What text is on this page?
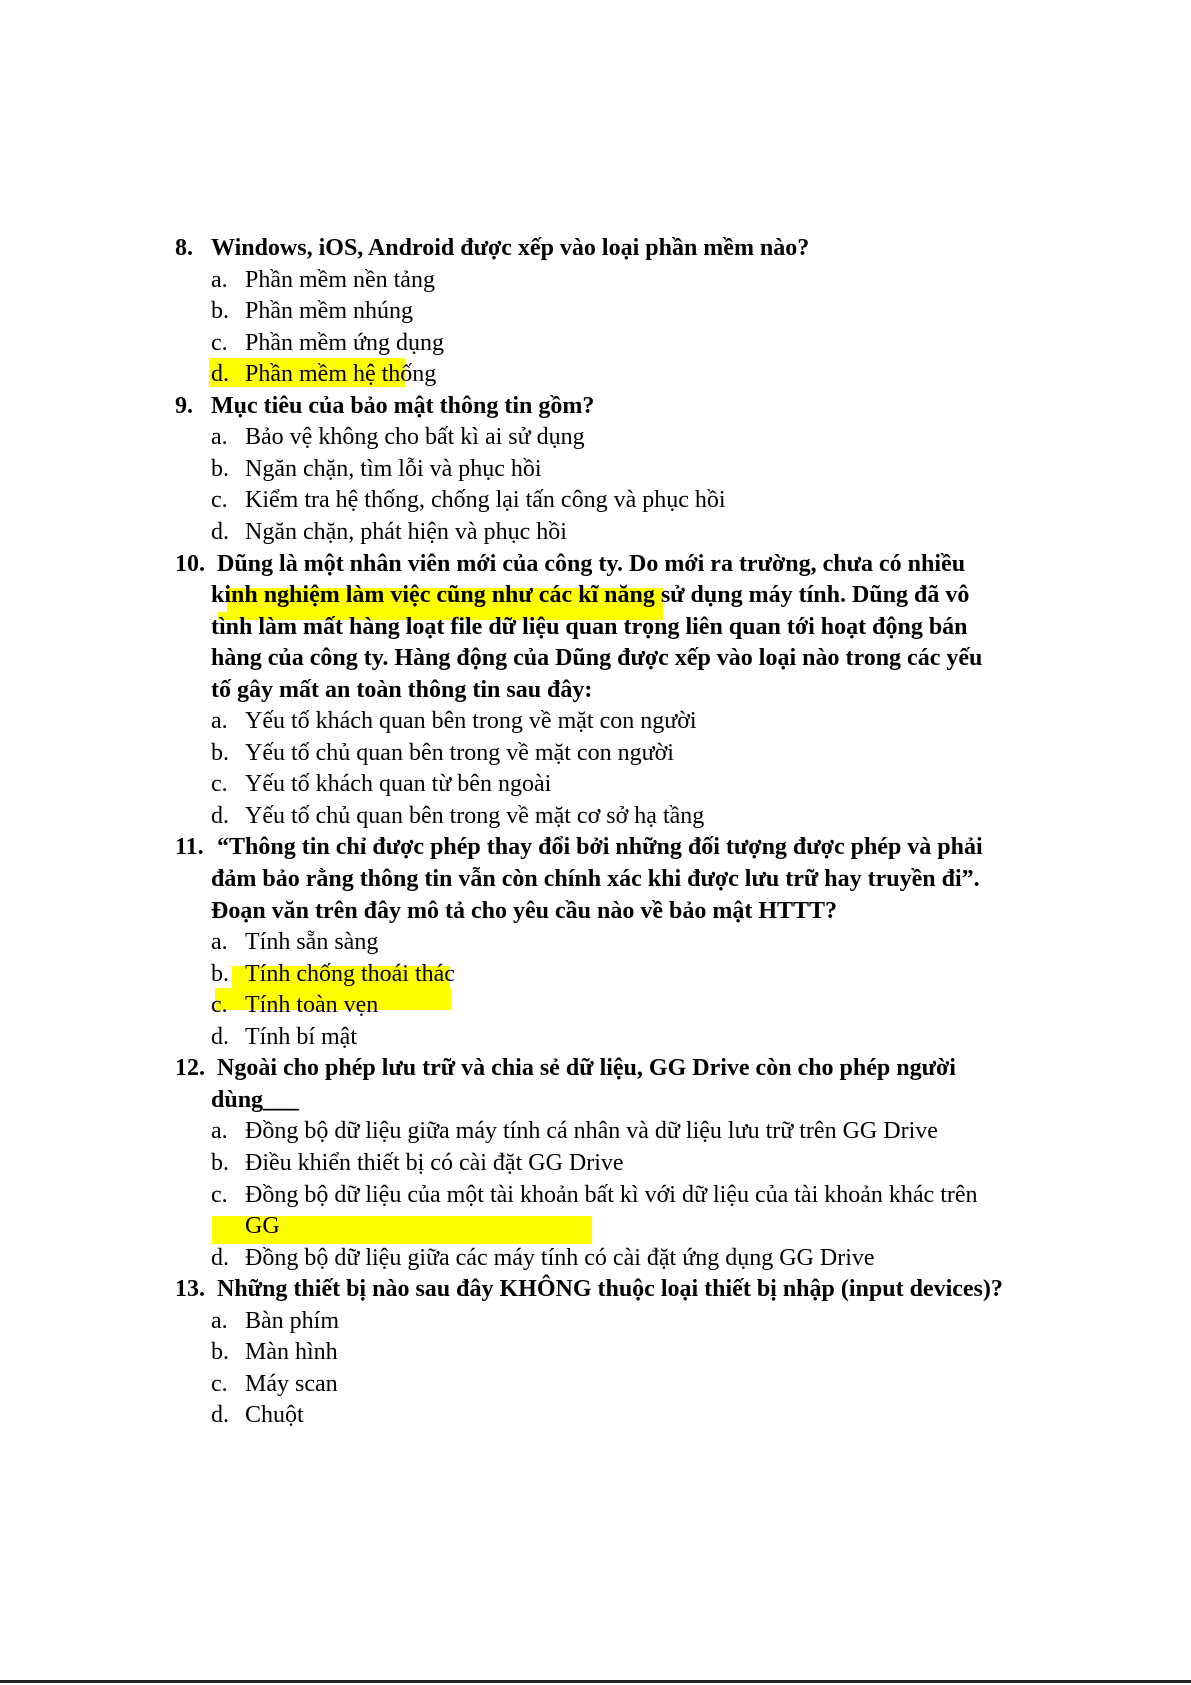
8. Windows, iOS, Android được xếp vào loại phần mềm nào?
a. Phần mềm nền tảng
b. Phần mềm nhúng
c. Phần mềm ứng dụng
d. Phần mềm hệ thống
9. Mục tiêu của bảo mật thông tin gồm?
a. Bảo vệ không cho bất kì ai sử dụng
b. Ngăn chặn, tìm lỗi và phục hồi
c. Kiểm tra hệ thống, chống lại tấn công và phục hồi
d. Ngăn chặn, phát hiện và phục hồi
10. Dũng là một nhân viên mới của công ty. Do mới ra trường, chưa có nhiều
kinh nghiệm làm việc cũng như các kĩ năng sử dụng máy tính. Dũng đã vô
tình làm mất hàng loạt file dữ liệu quan trọng liên quan tới hoạt động bán
hàng của công ty. Hàng động của Dũng được xếp vào loại nào trong các yếu
tố gây mất an toàn thông tin sau đây:
a. Yếu tố khách quan bên trong về mặt con người
b. Yếu tố chủ quan bên trong về mặt con người
c. Yếu tố khách quan từ bên ngoài
d. Yếu tố chủ quan bên trong về mặt cơ sở hạ tầng
11. “Thông tin chỉ được phép thay đổi bởi những đối tượng được phép và phải
đảm bảo rằng thông tin vẫn còn chính xác khi được lưu trữ hay truyền đi”.
Đoạn văn trên đây mô tả cho yêu cầu nào về bảo mật HTTT?
a. Tính sẵn sàng
b. Tính chống thoái thác
c. Tính toàn vẹn
d. Tính bí mật
12. Ngoài cho phép lưu trữ và chia sẻ dữ liệu, GG Drive còn cho phép người
dùng___
a. Đồng bộ dữ liệu giữa máy tính cá nhân và dữ liệu lưu trữ trên GG Drive
b. Điều khiển thiết bị có cài đặt GG Drive
c. Đồng bộ dữ liệu của một tài khoản bất kì với dữ liệu của tài khoản khác trên
GG
d. Đồng bộ dữ liệu giữa các máy tính có cài đặt ứng dụng GG Drive
13. Những thiết bị nào sau đây KHÔNG thuộc loại thiết bị nhập (input devices)?
a. Bàn phím
b. Màn hình
c. Máy scan
d. Chuột
